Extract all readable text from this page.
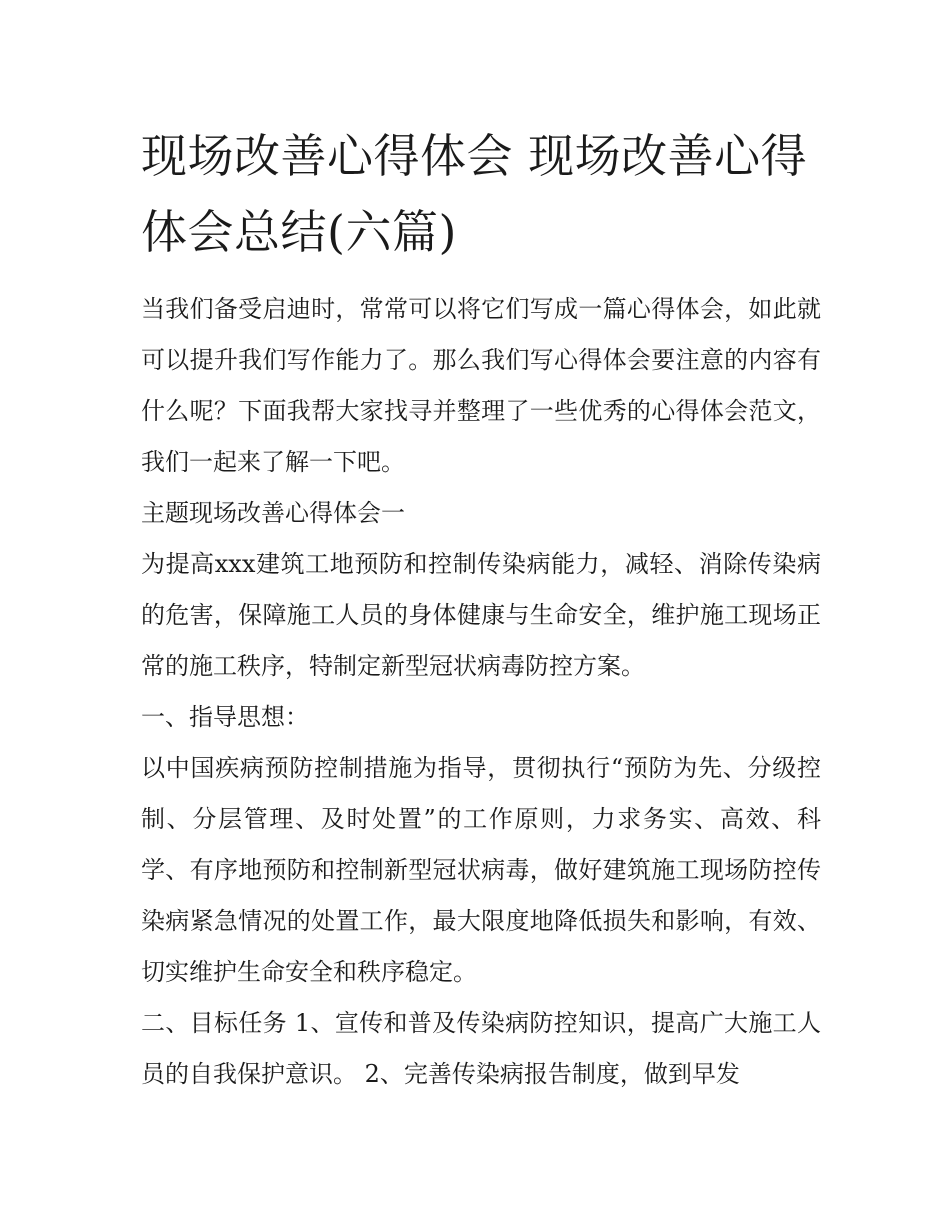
现场改善心得体会 现场改善心得体会总结(六篇)

当我们备受启迪时，常常可以将它们写成一篇心得体会，如此就可以提升我们写作能力了。那么我们写心得体会要注意的内容有什么呢？下面我帮大家找寻并整理了一些优秀的心得体会范文，我们一起来了解一下吧。

主题现场改善心得体会一

为提高xxx建筑工地预防和控制传染病能力，减轻、消除传染病的危害，保障施工人员的身体健康与生命安全，维护施工现场正常的施工秩序，特制定新型冠状病毒防控方案。

一、指导思想：

以中国疾病预防控制措施为指导，贯彻执行“预防为先、分级控制、分层管理、及时处置”的工作原则，力求务实、高效、科学、有序地预防和控制新型冠状病毒，做好建筑施工现场防控传染病紧急情况的处置工作，最大限度地降低损失和影响，有效、切实维护生命安全和秩序稳定。

二、目标任务 1、宣传和普及传染病防控知识，提高广大施工人员的自我保护意识。 2、完善传染病报告制度，做到早发
